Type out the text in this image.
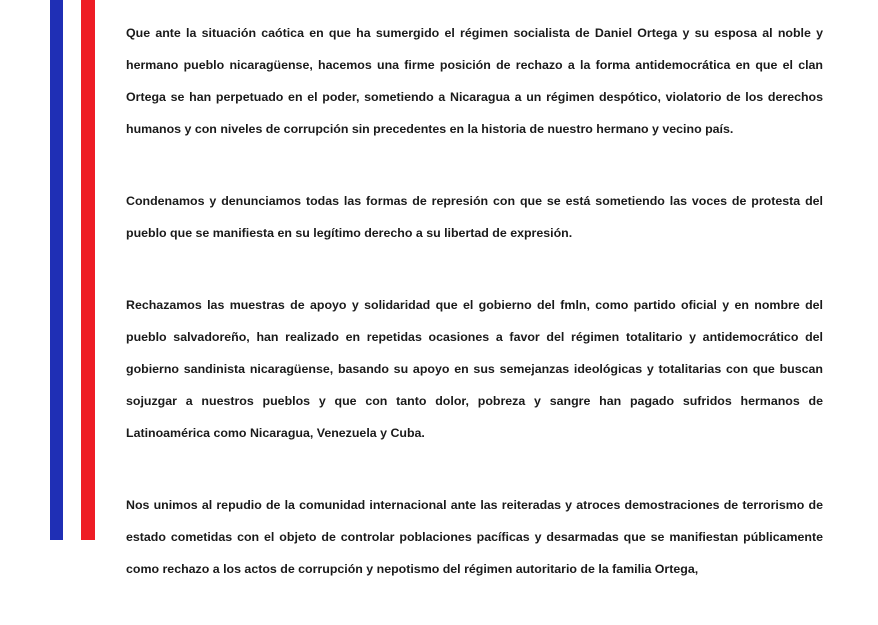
Que ante la situación caótica en que ha sumergido el régimen socialista de Daniel Ortega y su esposa al noble y hermano pueblo nicaragüense, hacemos una firme posición de rechazo a la forma antidemocrática en que el clan Ortega se han perpetuado en el poder, sometiendo a Nicaragua a un régimen despótico, violatorio de los derechos humanos y con niveles de corrupción sin precedentes en la historia de nuestro hermano y vecino país.

Condenamos y denunciamos todas las formas de represión con que se está sometiendo las voces de protesta del pueblo que se manifiesta en su legítimo derecho a su libertad de expresión.

Rechazamos las muestras de apoyo y solidaridad que el gobierno del fmln, como partido oficial y en nombre del pueblo salvadoreño, han realizado en repetidas ocasiones a favor del régimen totalitario y antidemocrático del gobierno sandinista nicaragüense, basando su apoyo en sus semejanzas ideológicas y totalitarias con que buscan sojuzgar a nuestros pueblos y que con tanto dolor, pobreza y sangre han pagado sufridos hermanos de Latinoamérica como Nicaragua, Venezuela y Cuba.

Nos unimos al repudio de la comunidad internacional ante las reiteradas y atroces demostraciones de terrorismo de estado cometidas con el objeto de controlar poblaciones pacíficas y desarmadas que se manifiestan públicamente como rechazo a los actos de corrupción y nepotismo del régimen autoritario de la familia Ortega,
